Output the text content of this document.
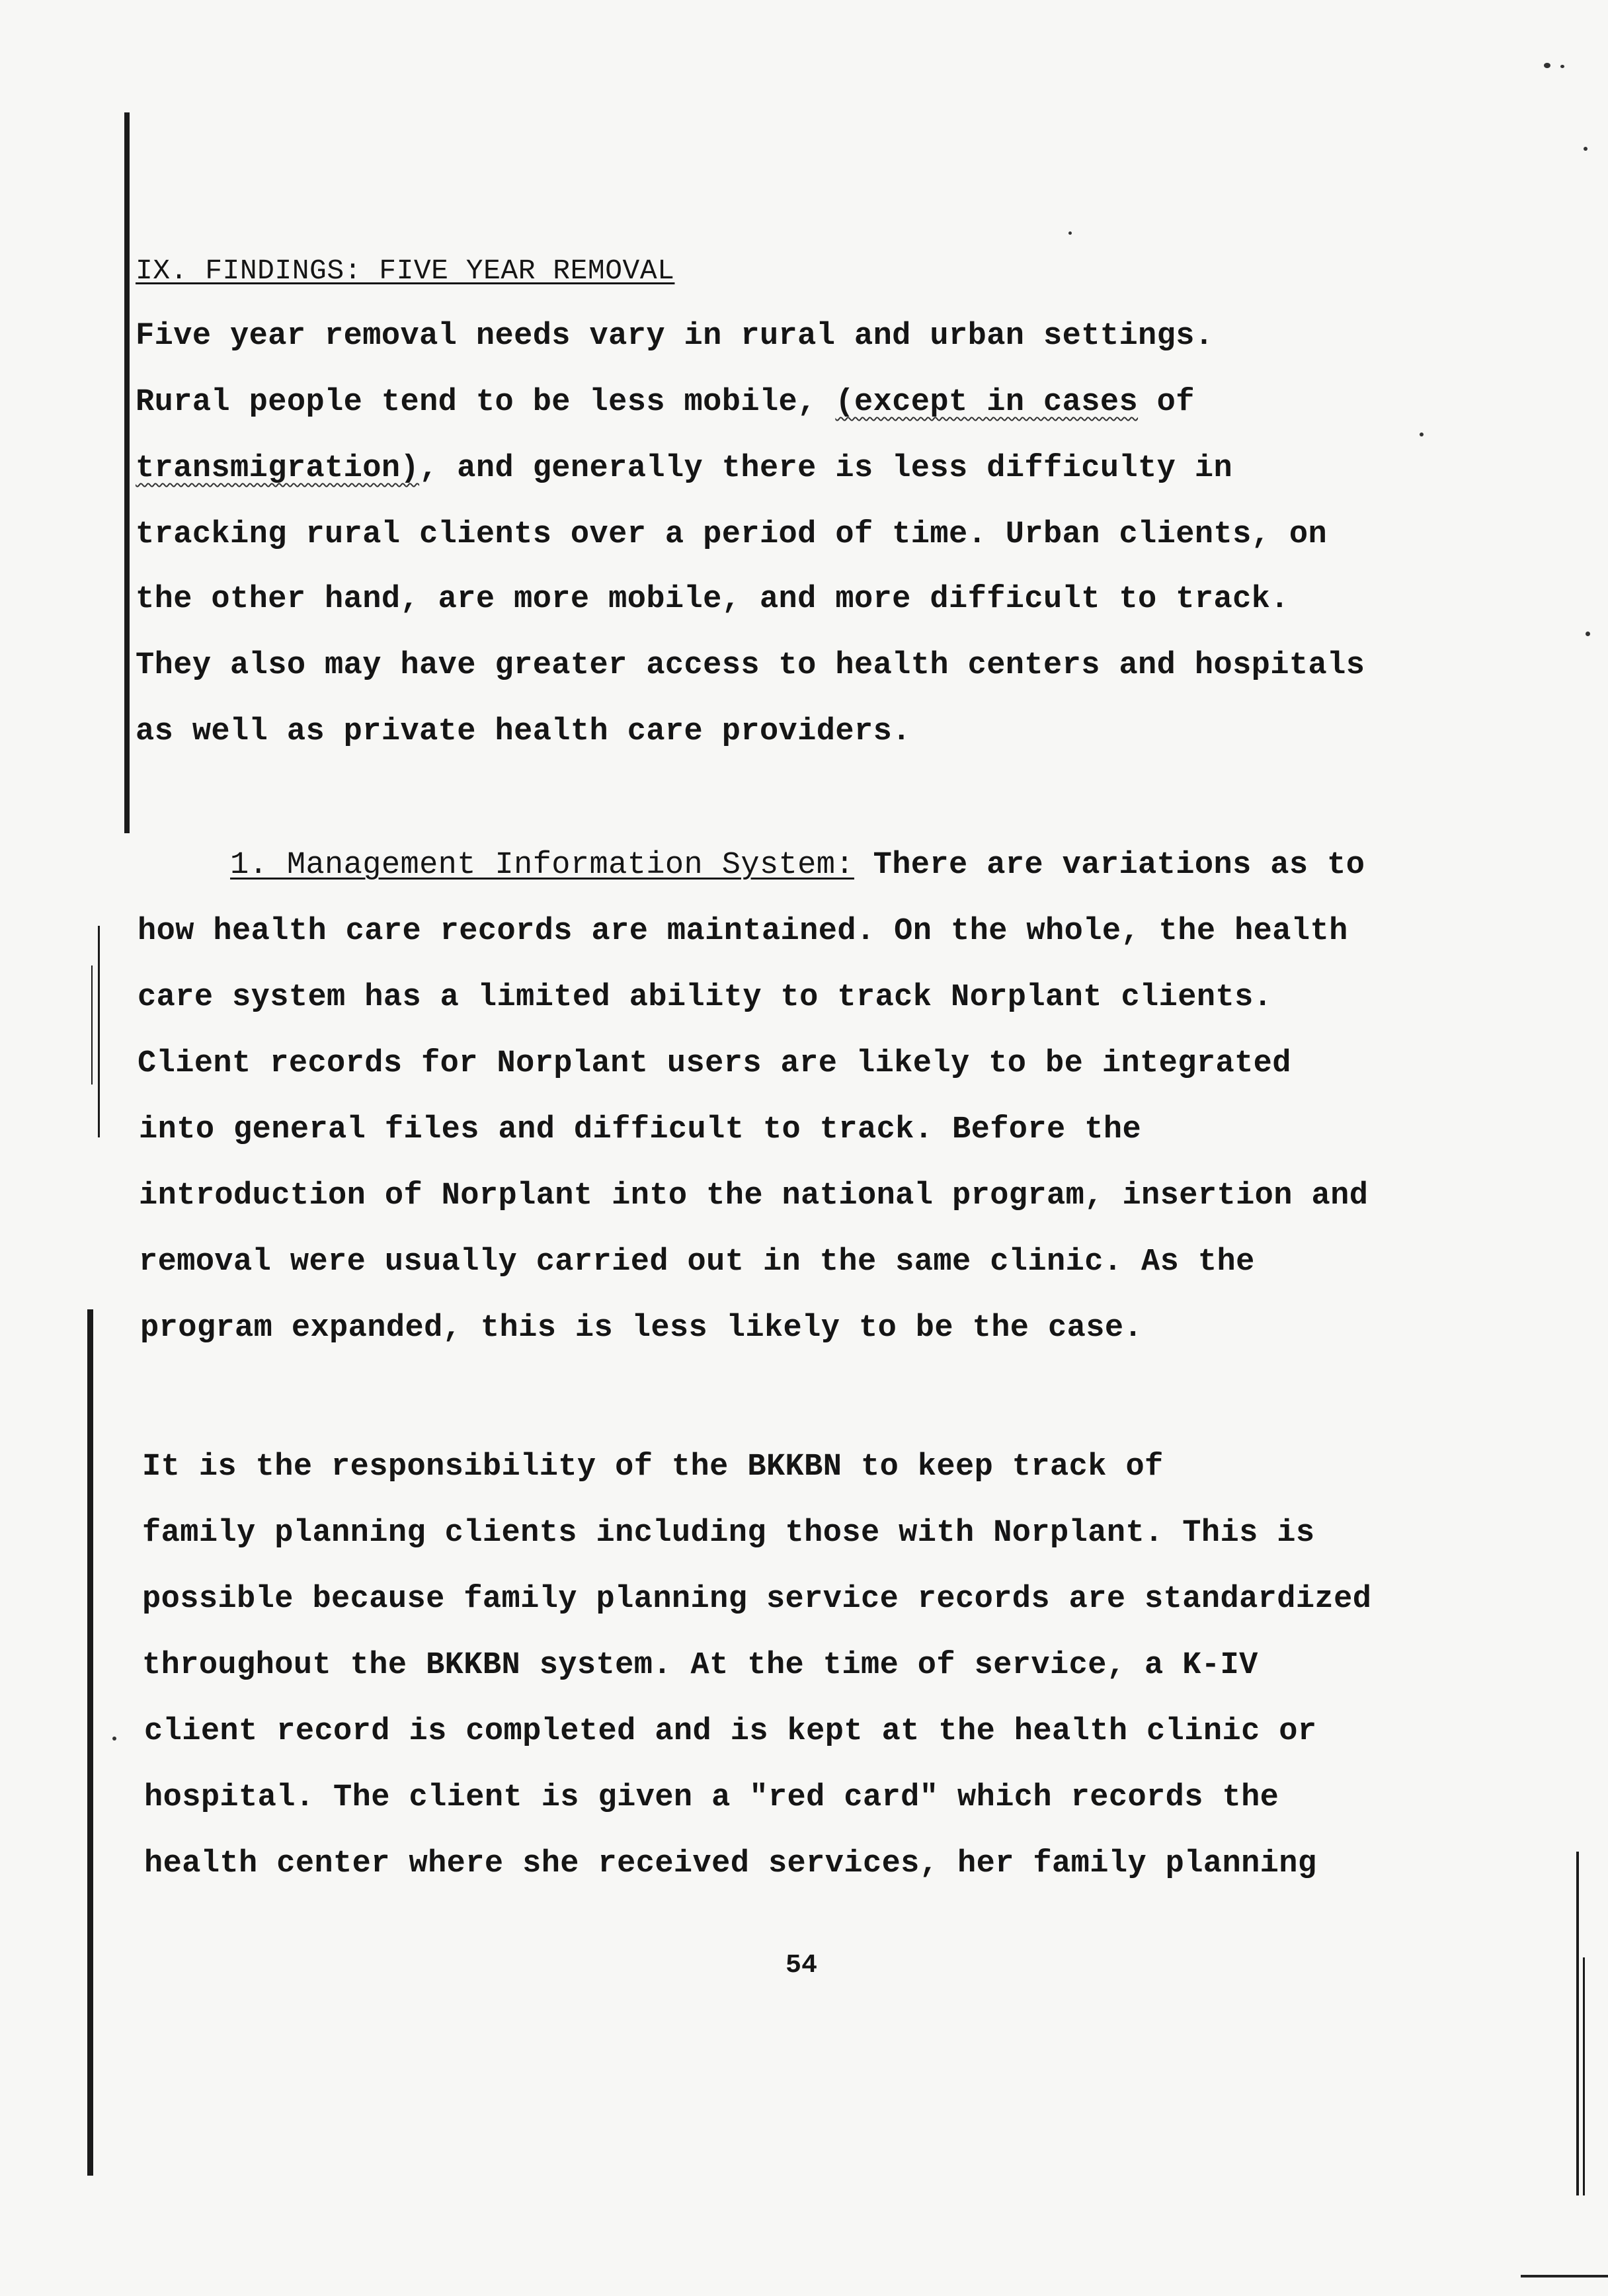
IX. FINDINGS: FIVE YEAR REMOVAL
Five year removal needs vary in rural and urban settings.
Rural people tend to be less mobile, (except in cases of
transmigration), and generally there is less difficulty in
tracking rural clients over a period of time. Urban clients, on
the other hand, are more mobile, and more difficult to track.
They also may have greater access to health centers and hospitals
as well as private health care providers.
1. Management Information System: There are variations as to
how health care records are maintained. On the whole, the health
care system has a limited ability to track Norplant clients.
Client records for Norplant users are likely to be integrated
into general files and difficult to track. Before the
introduction of Norplant into the national program, insertion and
removal were usually carried out in the same clinic. As the
program expanded, this is less likely to be the case.
It is the responsibility of the BKKBN to keep track of
family planning clients including those with Norplant. This is
possible because family planning service records are standardized
throughout the BKKBN system. At the time of service, a K-IV
client record is completed and is kept at the health clinic or
hospital. The client is given a "red card" which records the
health center where she received services, her family planning
54
